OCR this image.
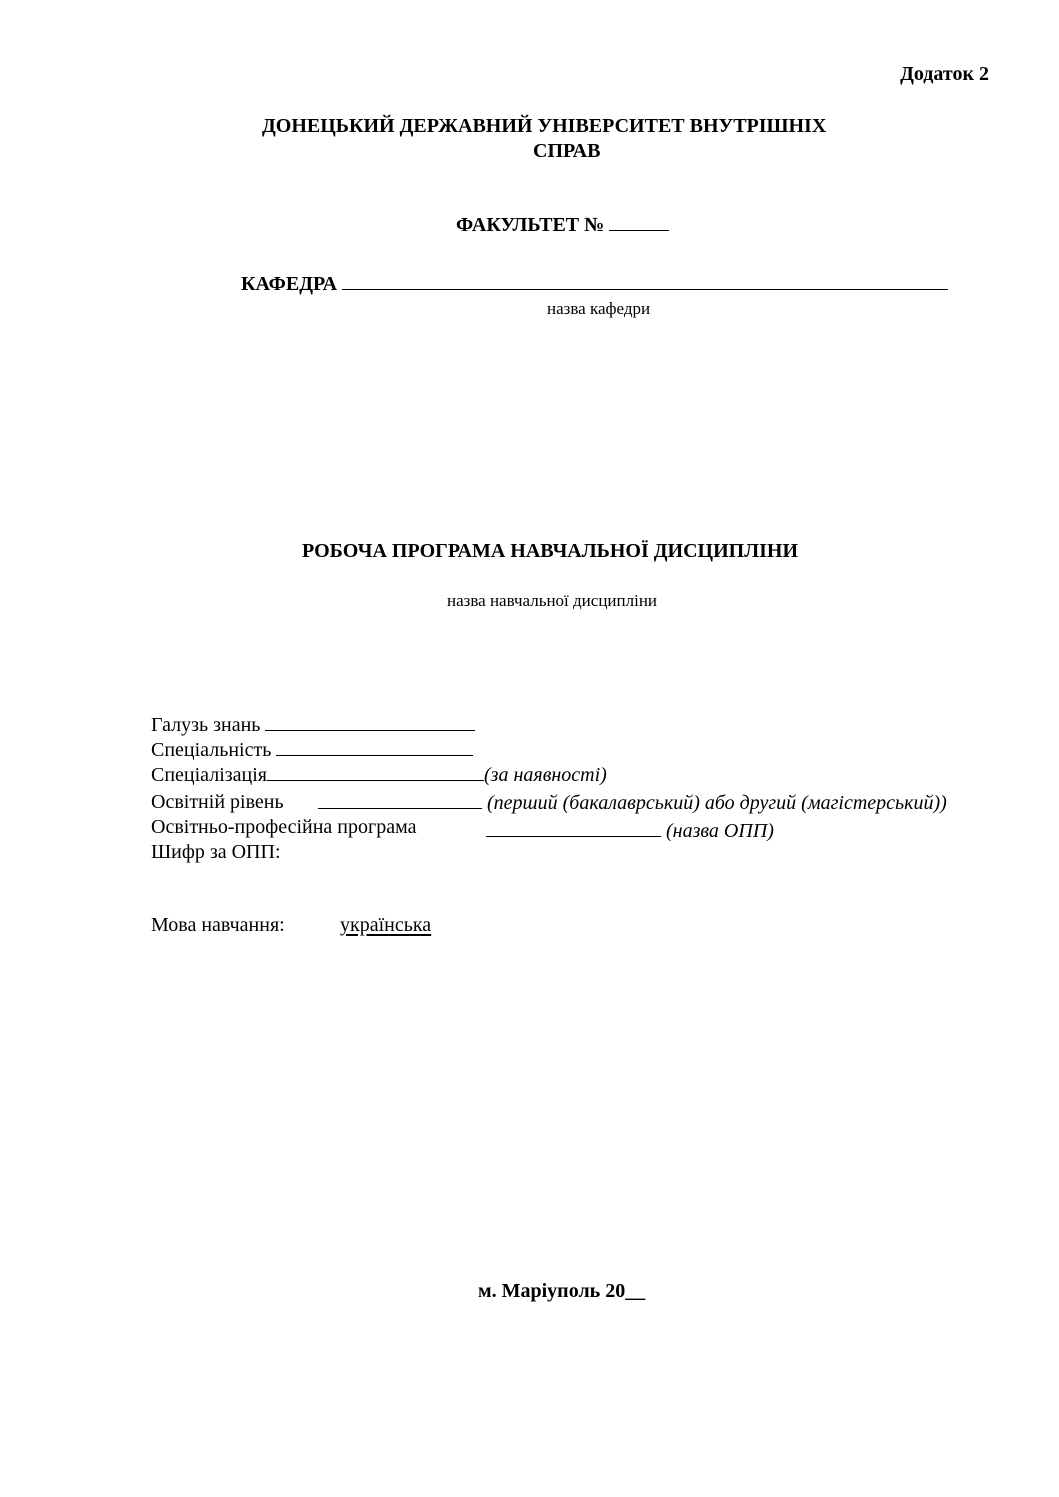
Додаток 2
ДОНЕЦЬКИЙ ДЕРЖАВНИЙ УНІВЕРСИТЕТ ВНУТРІШНІХ
СПРАВ
ФАКУЛЬТЕТ №
КАФЕДРА
назва кафедри
РОБОЧА ПРОГРАМА НАВЧАЛЬНОЇ ДИСЦИПЛІНИ
назва навчальної дисципліни
Галузь знань
Спеціальність
Спеціалізація	(за наявності)
Освітній рівень	(перший (бакалаврський) або другий (магістерський))
Освітньо-професійна програма	(назва ОПП)
Шифр за ОПП:
Мова навчання:	українська
м. Маріуполь 20__
